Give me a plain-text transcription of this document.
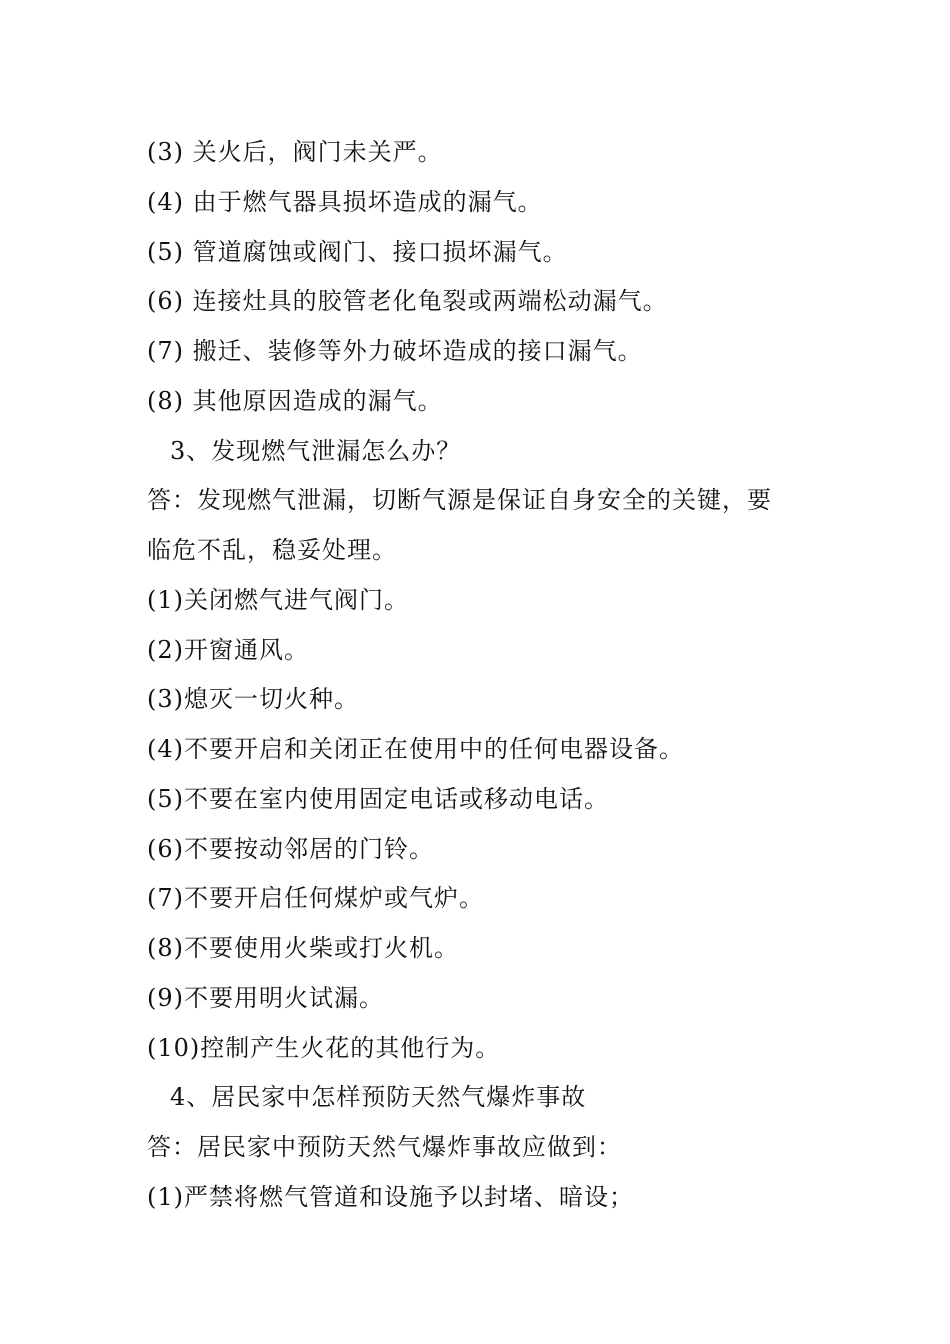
(3) 关火后，阀门未关严。
(4) 由于燃气器具损坏造成的漏气。
(5) 管道腐蚀或阀门、接口损坏漏气。
(6) 连接灶具的胶管老化龟裂或两端松动漏气。
(7) 搬迁、装修等外力破坏造成的接口漏气。
(8) 其他原因造成的漏气。
3、发现燃气泄漏怎么办？
答：发现燃气泄漏，切断气源是保证自身安全的关键，要
临危不乱，稳妥处理。
(1)关闭燃气进气阀门。
(2)开窗通风。
(3)熄灭一切火种。
(4)不要开启和关闭正在使用中的任何电器设备。
(5)不要在室内使用固定电话或移动电话。
(6)不要按动邻居的门铃。
(7)不要开启任何煤炉或气炉。
(8)不要使用火柴或打火机。
(9)不要用明火试漏。
(10)控制产生火花的其他行为。
4、居民家中怎样预防天然气爆炸事故
答：居民家中预防天然气爆炸事故应做到：
(1)严禁将燃气管道和设施予以封堵、暗设；
